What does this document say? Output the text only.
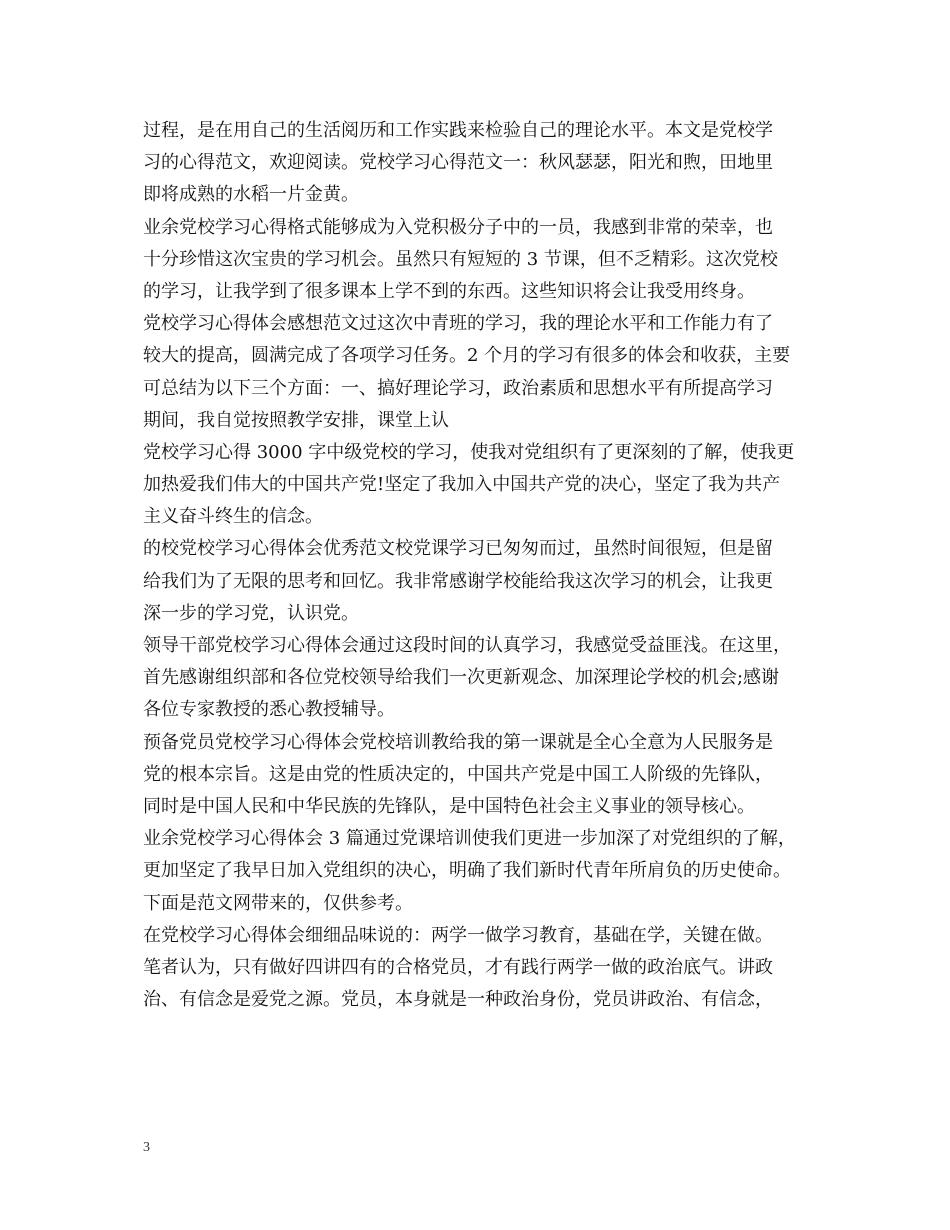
过程，是在用自己的生活阅历和工作实践来检验自己的理论水平。本文是党校学
习的心得范文，欢迎阅读。党校学习心得范文一：秋风瑟瑟，阳光和煦，田地里
即将成熟的水稻一片金黄。
业余党校学习心得格式能够成为入党积极分子中的一员，我感到非常的荣幸，也
十分珍惜这次宝贵的学习机会。虽然只有短短的 3 节课，但不乏精彩。这次党校
的学习，让我学到了很多课本上学不到的东西。这些知识将会让我受用终身。
党校学习心得体会感想范文过这次中青班的学习，我的理论水平和工作能力有了
较大的提高，圆满完成了各项学习任务。2 个月的学习有很多的体会和收获，主要
可总结为以下三个方面：一、搞好理论学习，政治素质和思想水平有所提高学习
期间，我自觉按照教学安排，课堂上认
党校学习心得 3000 字中级党校的学习，使我对党组织有了更深刻的了解，使我更
加热爱我们伟大的中国共产党!坚定了我加入中国共产党的决心，坚定了我为共产
主义奋斗终生的信念。
的校党校学习心得体会优秀范文校党课学习已匆匆而过，虽然时间很短，但是留
给我们为了无限的思考和回忆。我非常感谢学校能给我这次学习的机会，让我更
深一步的学习党，认识党。
领导干部党校学习心得体会通过这段时间的认真学习，我感觉受益匪浅。在这里，
首先感谢组织部和各位党校领导给我们一次更新观念、加深理论学校的机会;感谢
各位专家教授的悉心教授辅导。
预备党员党校学习心得体会党校培训教给我的第一课就是全心全意为人民服务是
党的根本宗旨。这是由党的性质决定的，中国共产党是中国工人阶级的先锋队，
同时是中国人民和中华民族的先锋队，是中国特色社会主义事业的领导核心。
业余党校学习心得体会 3 篇通过党课培训使我们更进一步加深了对党组织的了解，
更加坚定了我早日加入党组织的决心，明确了我们新时代青年所肩负的历史使命。
下面是范文网带来的，仅供参考。
在党校学习心得体会细细品味说的：两学一做学习教育，基础在学，关键在做。
笔者认为，只有做好四讲四有的合格党员，才有践行两学一做的政治底气。讲政
治、有信念是爱党之源。党员，本身就是一种政治身份，党员讲政治、有信念，
3
